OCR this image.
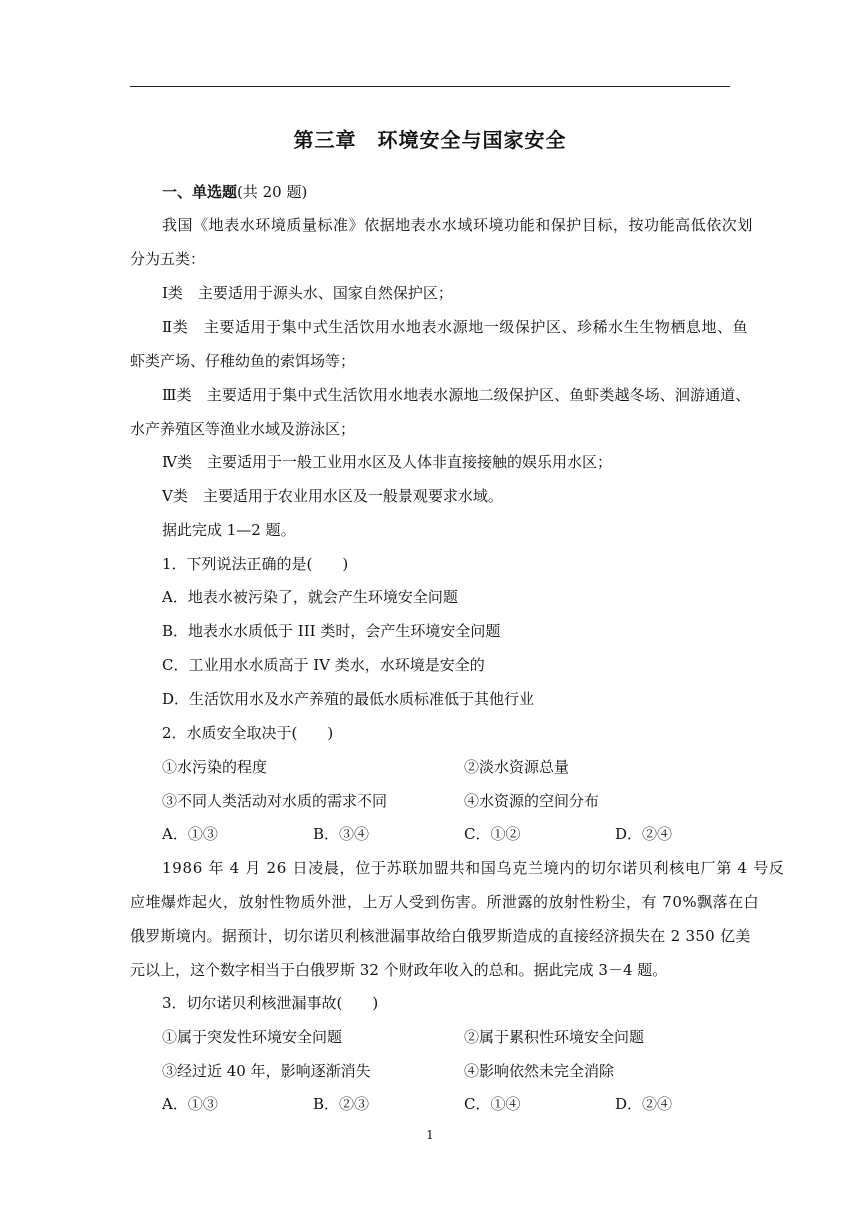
第三章　环境安全与国家安全
一、单选题(共 20 题)
我国《地表水环境质量标准》依据地表水水域环境功能和保护目标，按功能高低依次划
分为五类：
Ⅰ类　主要适用于源头水、国家自然保护区；
Ⅱ类　主要适用于集中式生活饮用水地表水源地一级保护区、珍稀水生生物栖息地、鱼
虾类产场、仔稚幼鱼的索饵场等；
Ⅲ类　主要适用于集中式生活饮用水地表水源地二级保护区、鱼虾类越冬场、洄游通道、
水产养殖区等渔业水域及游泳区；
Ⅳ类　主要适用于一般工业用水区及人体非直接接触的娱乐用水区；
Ⅴ类　主要适用于农业用水区及一般景观要求水域。
据此完成 1—2 题。
1．下列说法正确的是(　　)
A．地表水被污染了，就会产生环境安全问题
B．地表水水质低于 III 类时，会产生环境安全问题
C．工业用水水质高于 IV 类水，水环境是安全的
D．生活饮用水及水产养殖的最低水质标准低于其他行业
2．水质安全取决于(　　)
①水污染的程度	②淡水资源总量
③不同人类活动对水质的需求不同	④水资源的空间分布
A．①③	B．③④	C．①②	D．②④
1986 年 4 月 26 日凌晨，位于苏联加盟共和国乌克兰境内的切尔诺贝利核电厂第 4 号反
应堆爆炸起火，放射性物质外泄，上万人受到伤害。所泄露的放射性粉尘，有 70%飘落在白
俄罗斯境内。据预计，切尔诺贝利核泄漏事故给白俄罗斯造成的直接经济损失在 2 350 亿美
元以上，这个数字相当于白俄罗斯 32 个财政年收入的总和。据此完成 3－4 题。
3．切尔诺贝利核泄漏事故(　　)
①属于突发性环境安全问题	②属于累积性环境安全问题
③经过近 40 年，影响逐渐消失	④影响依然未完全消除
A．①③	B．②③	C．①④	D．②④
1
